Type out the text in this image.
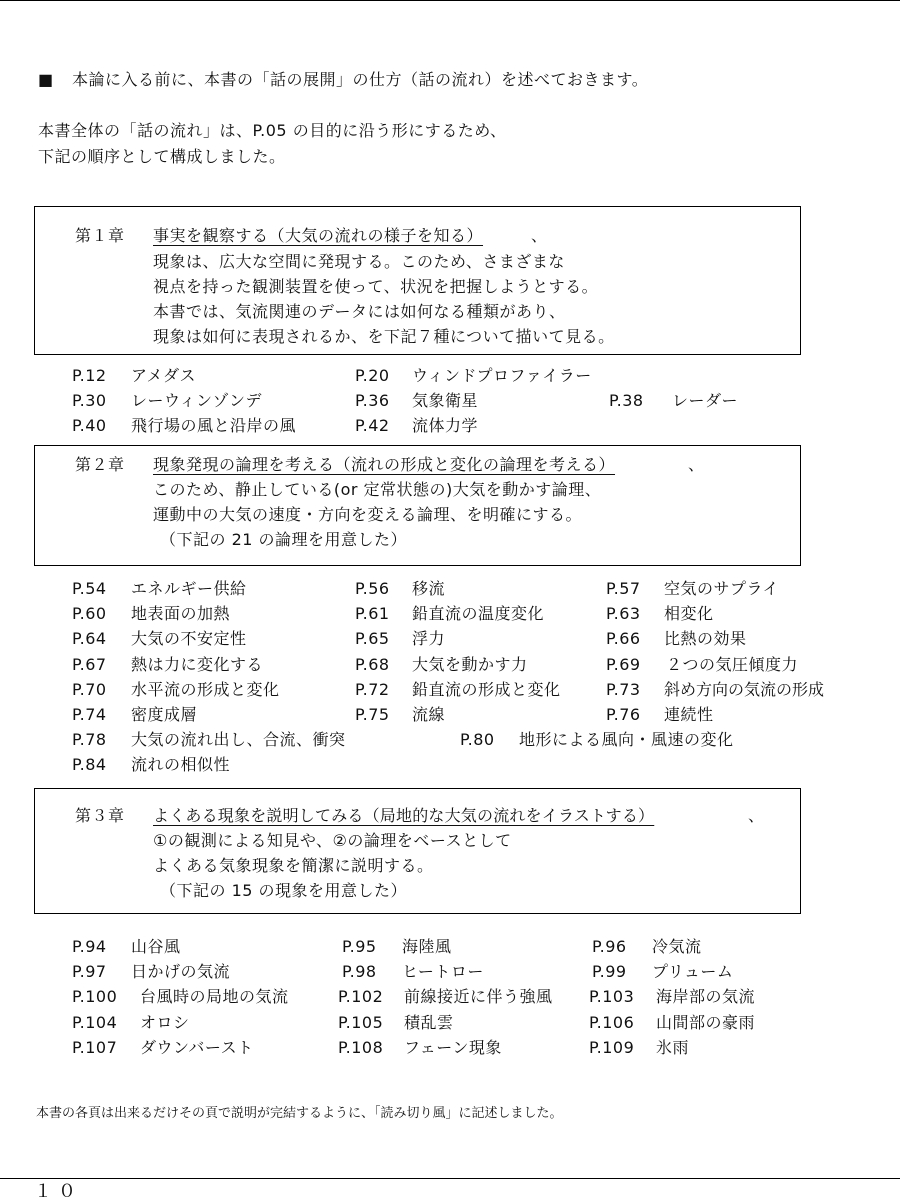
■ 本論に入る前に、本書の「話の展開」の仕方（話の流れ）を述べておきます。
本書全体の「話の流れ」は、P.05 の目的に沿う形にするため、
下記の順序として構成しました。
第１章 事実を観察する（大気の流れの様子を知る）	、
現象は、広大な空間に発現する。このため、さまざまな
視点を持った観測装置を使って、状況を把握しようとする。
本書では、気流関連のデータには如何なる種類があり、
現象は如何に表現されるか、を下記７種について描いて見る。
P.12 アメダス	P.20 ウィンドプロファイラー
P.30 レーウィンゾンデ	P.36 気象衛星	P.38 レーダー
P.40 飛行場の風と沿岸の風	P.42 流体力学
第２章 現象発現の論理を考える（流れの形成と変化の論理を考える）	、
このため、静止している(or 定常状態の)大気を動かす論理、
運動中の大気の速度・方向を変える論理、を明確にする。
（下記の 21 の論理を用意した）
P.54 エネルギー供給	P.56 移流	P.57 空気のサプライ
P.60 地表面の加熱	P.61 鉛直流の温度変化	P.63 相変化
P.64 大気の不安定性	P.65 浮力	P.66 比熱の効果
P.67 熱は力に変化する	P.68 大気を動かす力	P.69 ２つの気圧傾度力
P.70 水平流の形成と変化	P.72 鉛直流の形成と変化	P.73 斜め方向の気流の形成
P.74 密度成層	P.75 流線	P.76 連続性
P.78 大気の流れ出し、合流、衝突	P.80 地形による風向・風速の変化
P.84 流れの相似性
第３章 よくある現象を説明してみる（局地的な大気の流れをイラストする）	、
①の観測による知見や、②の論理をベースとして
よくある気象現象を簡潔に説明する。
（下記の 15 の現象を用意した）
P.94 山谷風	P.95 海陸風	P.96 冷気流
P.97 日かげの気流	P.98 ヒートロー	P.99 プリューム
P.100 台風時の局地の気流	P.102 前線接近に伴う強風 P.103 海岸部の気流
P.104 オロシ	P.105 積乱雲	P.106 山間部の豪雨
P.107 ダウンバースト	P.108 フェーン現象	P.109 氷雨
本書の各頁は出来るだけその頁で説明が完結するように、「読み切り風」に記述しました。
１０
